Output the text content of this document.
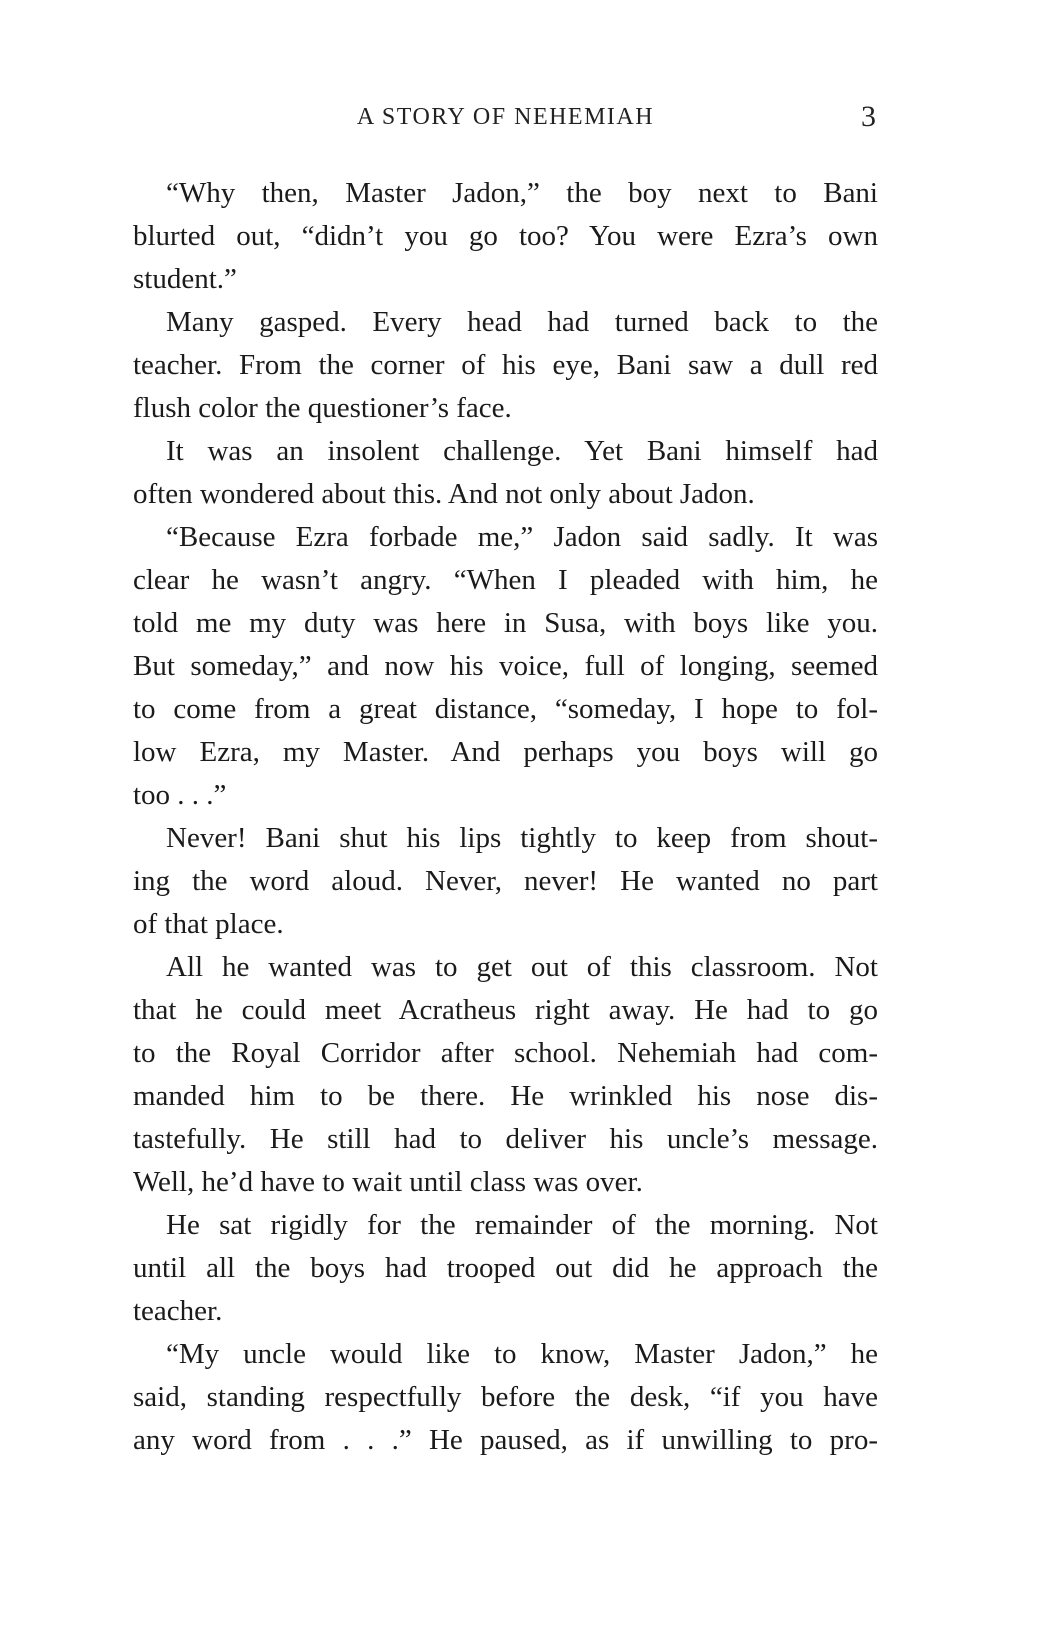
A STORY OF NEHEMIAH	3
“Why then, Master Jadon,” the boy next to Bani
blurted out, “didn’t you go too? You were Ezra’s own
student.”
Many gasped. Every head had turned back to the
teacher. From the corner of his eye, Bani saw a dull red
flush color the questioner’s face.
It was an insolent challenge. Yet Bani himself had
often wondered about this. And not only about Jadon.
“Because Ezra forbade me,” Jadon said sadly. It was
clear he wasn’t angry. “When I pleaded with him, he
told me my duty was here in Susa, with boys like you.
But someday,” and now his voice, full of longing, seemed
to come from a great distance, “someday, I hope to fol-
low Ezra, my Master. And perhaps you boys will go
too . . .”
Never! Bani shut his lips tightly to keep from shout-
ing the word aloud. Never, never! He wanted no part
of that place.
All he wanted was to get out of this classroom. Not
that he could meet Acratheus right away. He had to go
to the Royal Corridor after school. Nehemiah had com-
manded him to be there. He wrinkled his nose dis-
tastefully. He still had to deliver his uncle’s message.
Well, he’d have to wait until class was over.
He sat rigidly for the remainder of the morning. Not
until all the boys had trooped out did he approach the
teacher.
“My uncle would like to know, Master Jadon,” he
said, standing respectfully before the desk, “if you have
any word from . . .” He paused, as if unwilling to pro-
